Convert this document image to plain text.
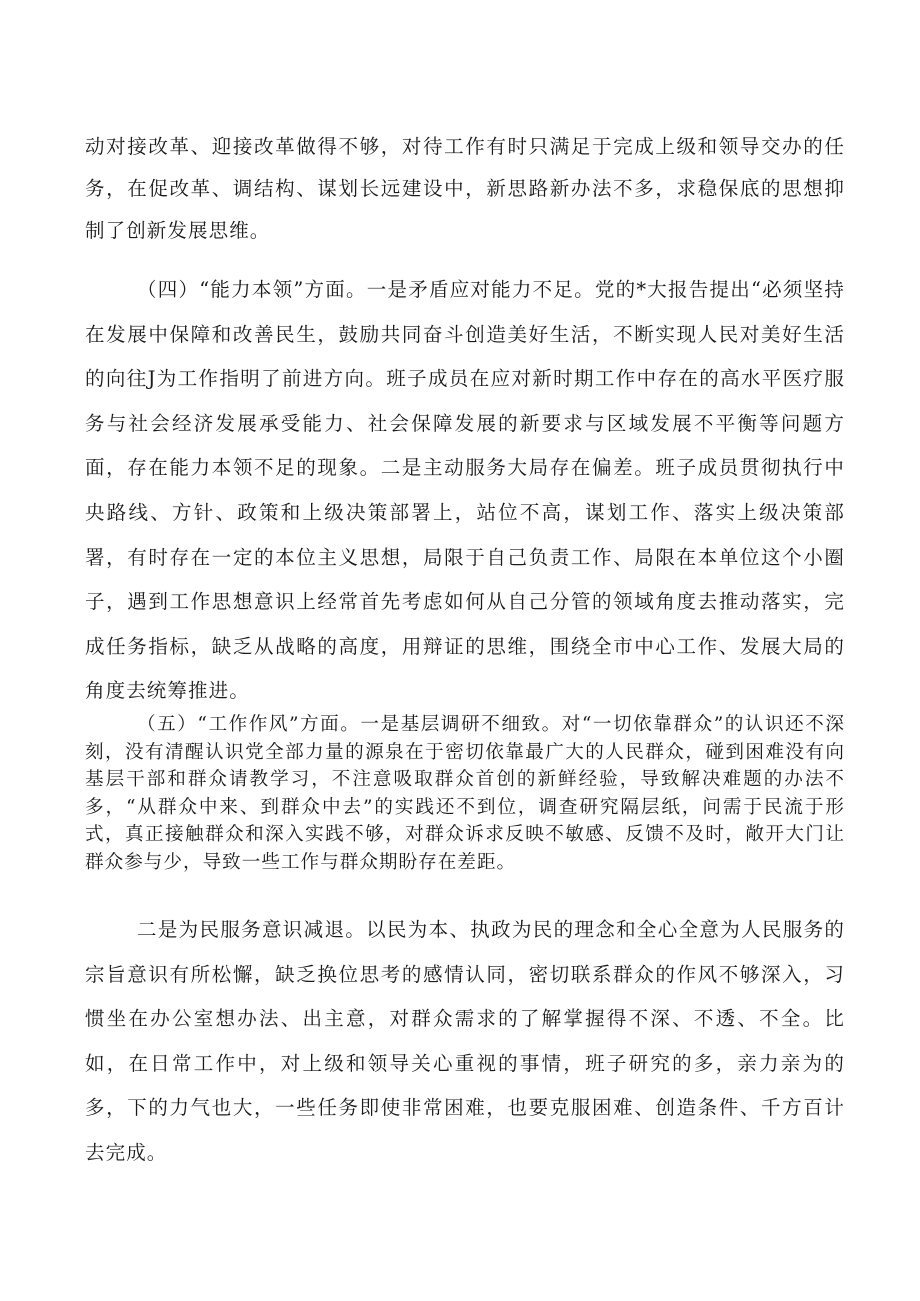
动对接改革、迎接改革做得不够，对待工作有时只满足于完成上级和领导交办的任务，在促改革、调结构、谋划长远建设中，新思路新办法不多，求稳保底的思想抑制了创新发展思维。

（四）“能力本领”方面。一是矛盾应对能力不足。党的*大报告提出“必须坚持在发展中保障和改善民生，鼓励共同奋斗创造美好生活，不断实现人民对美好生活的向往J为工作指明了前进方向。班子成员在应对新时期工作中存在的高水平医疗服务与社会经济发展承受能力、社会保障发展的新要求与区域发展不平衡等问题方面，存在能力本领不足的现象。二是主动服务大局存在偏差。班子成员贯彻执行中央路线、方针、政策和上级决策部署上，站位不高，谋划工作、落实上级决策部署，有时存在一定的本位主义思想，局限于自己负责工作、局限在本单位这个小圈子，遇到工作思想意识上经常首先考虑如何从自己分管的领域角度去推动落实，完成任务指标，缺乏从战略的高度，用辩证的思维，围绕全市中心工作、发展大局的角度去统筹推进。

（五）“工作作风”方面。一是基层调研不细致。对“一切依靠群众”的认识还不深刻，没有清醒认识党全部力量的源泉在于密切依靠最广大的人民群众，碰到困难没有向基层干部和群众请教学习，不注意吸取群众首创的新鲜经验，导致解决难题的办法不多，“从群众中来、到群众中去”的实践还不到位，调查研究隔层纸，问需于民流于形式，真正接触群众和深入实践不够，对群众诉求反映不敏感、反馈不及时，敞开大门让群众参与少，导致一些工作与群众期盼存在差距。

二是为民服务意识减退。以民为本、执政为民的理念和全心全意为人民服务的宗旨意识有所松懈，缺乏换位思考的感情认同，密切联系群众的作风不够深入，习惯坐在办公室想办法、出主意，对群众需求的了解掌握得不深、不透、不全。比如，在日常工作中，对上级和领导关心重视的事情，班子研究的多，亲力亲为的多，下的力气也大，一些任务即使非常困难，也要克服困难、创造条件、千方百计去完成。
